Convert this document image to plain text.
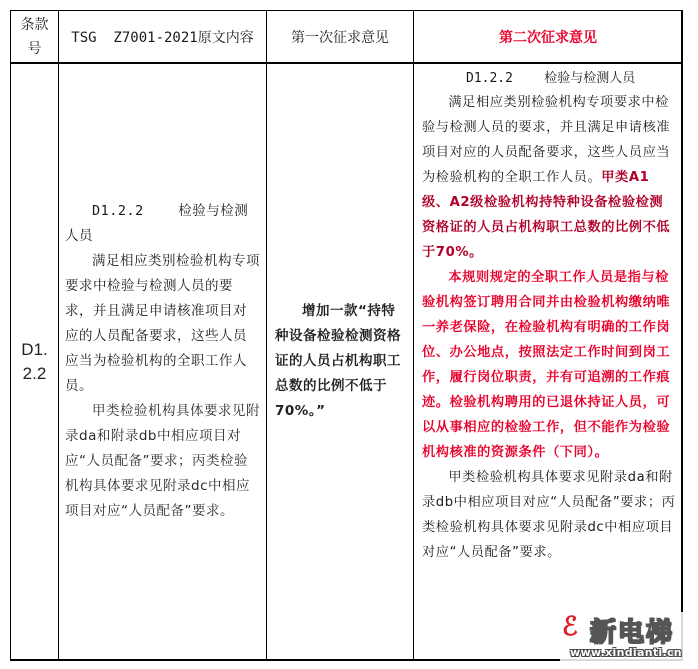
条款
号
TSG  Z7001-2021原文内容	第一次征求意见	第二次征求意见
D1.
2.2

D1.2.2    检验与检测人员

满足相应类别检验机构专项要求中检验与检测人员的要求，并且满足申请核准项目对应的人员配备要求，这些人员应当为检验机构的全职工作人员。

甲类检验机构具体要求见附录da和附录db中相应项目对应“人员配备”要求；丙类检验机构具体要求见附录dc中相应项目对应“人员配备”要求。

增加一款“持特种设备检验检测资格证的人员占机构职工总数的比例不低于70%。”

D1.2.2    检验与检测人员

满足相应类别检验机构专项要求中检验与检测人员的要求，并且满足申请核准项目对应的人员配备要求，这些人员应当为检验机构的全职工作人员。甲类A1级、A2级检验机构持特种设备检验检测资格证的人员占机构职工总数的比例不低于70%。

本规则规定的全职工作人员是指与检验机构签订聘用合同并由检验机构缴纳唯一养老保险，在检验机构有明确的工作岗位、办公地点，按照法定工作时间到岗工作，履行岗位职责，并有可追溯的工作痕迹。检验机构聘用的已退休持证人员，可以从事相应的检验工作，但不能作为检验机构核准的资源条件（下同）。

甲类检验机构具体要求见附录da和附录db中相应项目对应“人员配备”要求；丙类检验机构具体要求见附录dc中相应项目对应“人员配备”要求。

ℰ 新电梯
www.xindianti.cn
